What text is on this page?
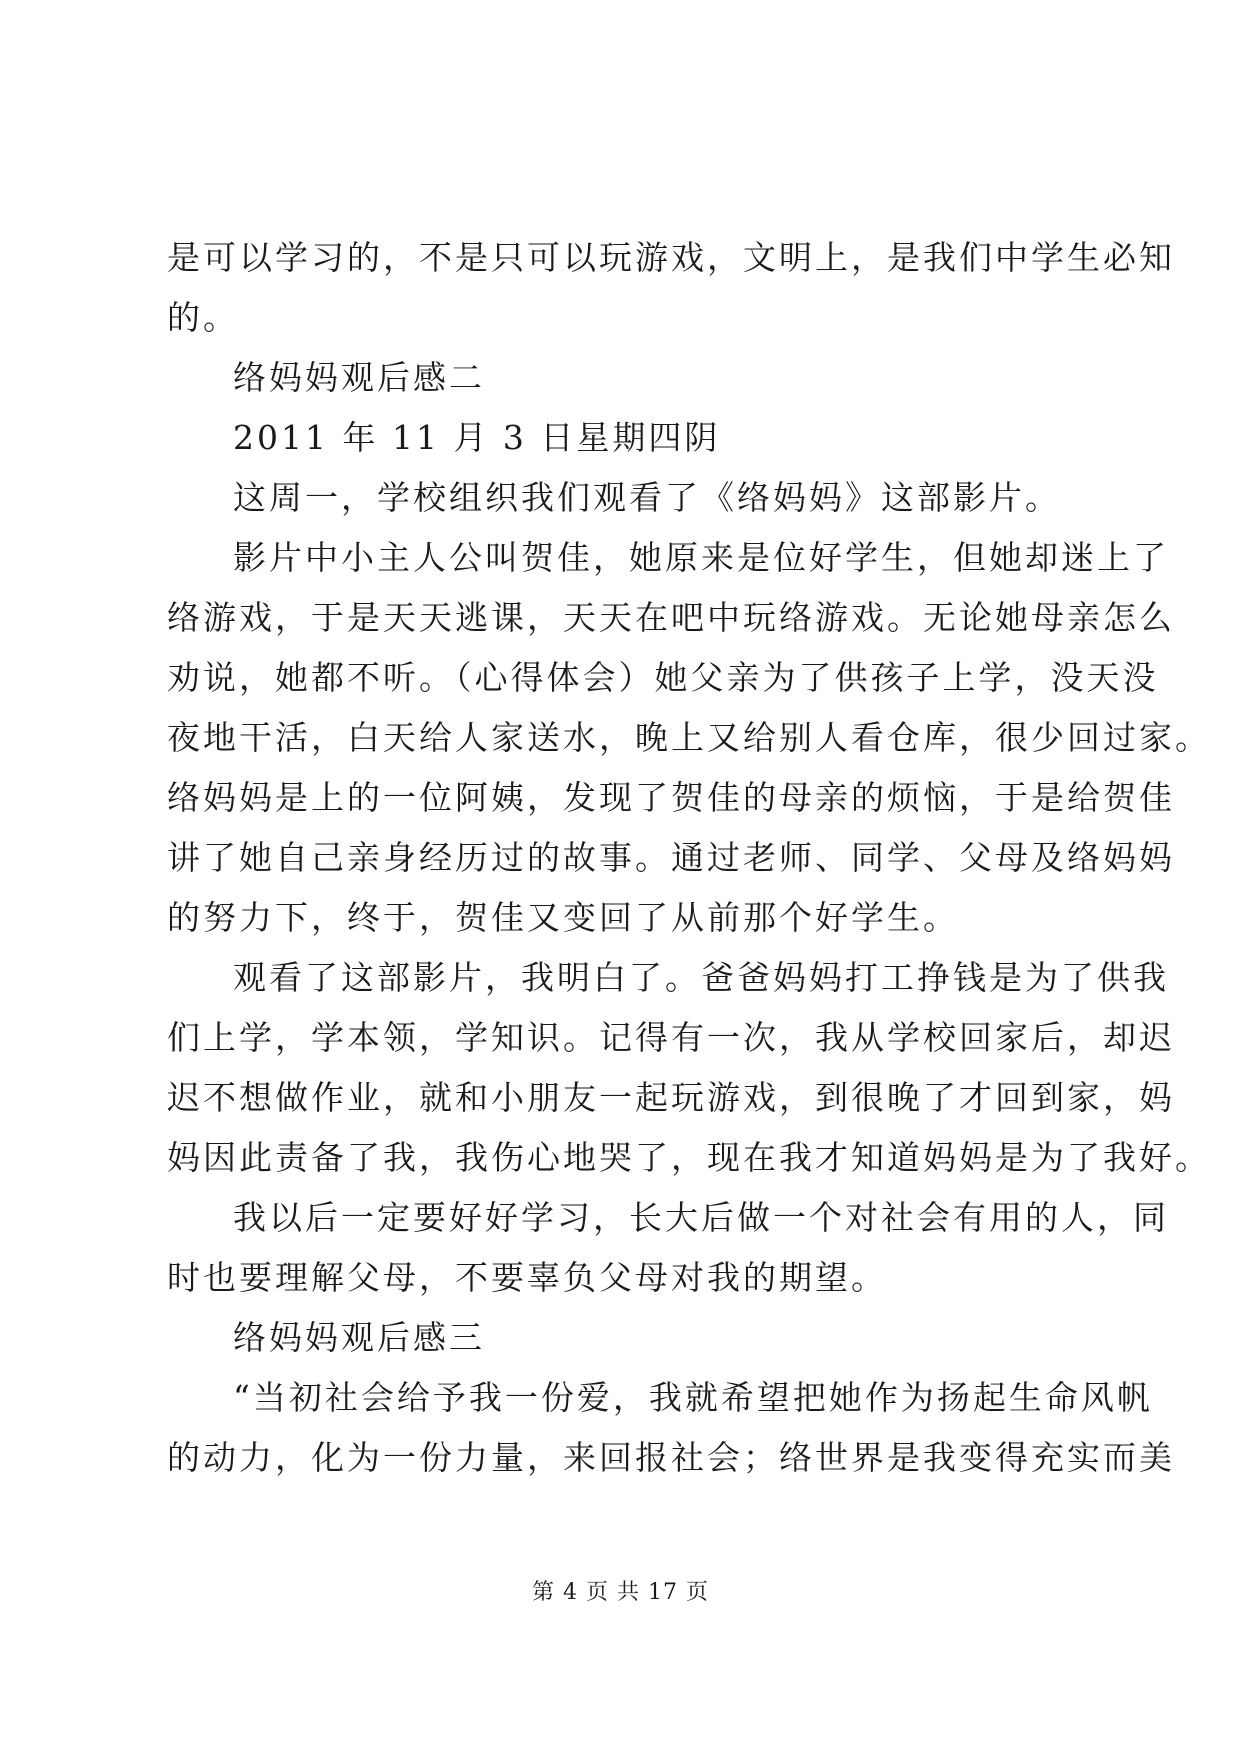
是可以学习的，不是只可以玩游戏，文明上，是我们中学生必知
的。
络妈妈观后感二
2011 年 11 月 3 日星期四阴
这周一，学校组织我们观看了《络妈妈》这部影片。
影片中小主人公叫贺佳，她原来是位好学生，但她却迷上了
络游戏，于是天天逃课，天天在吧中玩络游戏。无论她母亲怎么
劝说，她都不听。（心得体会）她父亲为了供孩子上学，没天没
夜地干活，白天给人家送水，晚上又给别人看仓库，很少回过家。
络妈妈是上的一位阿姨，发现了贺佳的母亲的烦恼，于是给贺佳
讲了她自己亲身经历过的故事。通过老师、同学、父母及络妈妈
的努力下，终于，贺佳又变回了从前那个好学生。
观看了这部影片，我明白了。爸爸妈妈打工挣钱是为了供我
们上学，学本领，学知识。记得有一次，我从学校回家后，却迟
迟不想做作业，就和小朋友一起玩游戏，到很晚了才回到家，妈
妈因此责备了我，我伤心地哭了，现在我才知道妈妈是为了我好。
我以后一定要好好学习，长大后做一个对社会有用的人，同
时也要理解父母，不要辜负父母对我的期望。
络妈妈观后感三
“当初社会给予我一份爱，我就希望把她作为扬起生命风帆
的动力，化为一份力量，来回报社会；络世界是我变得充实而美
第 4 页 共 17 页
